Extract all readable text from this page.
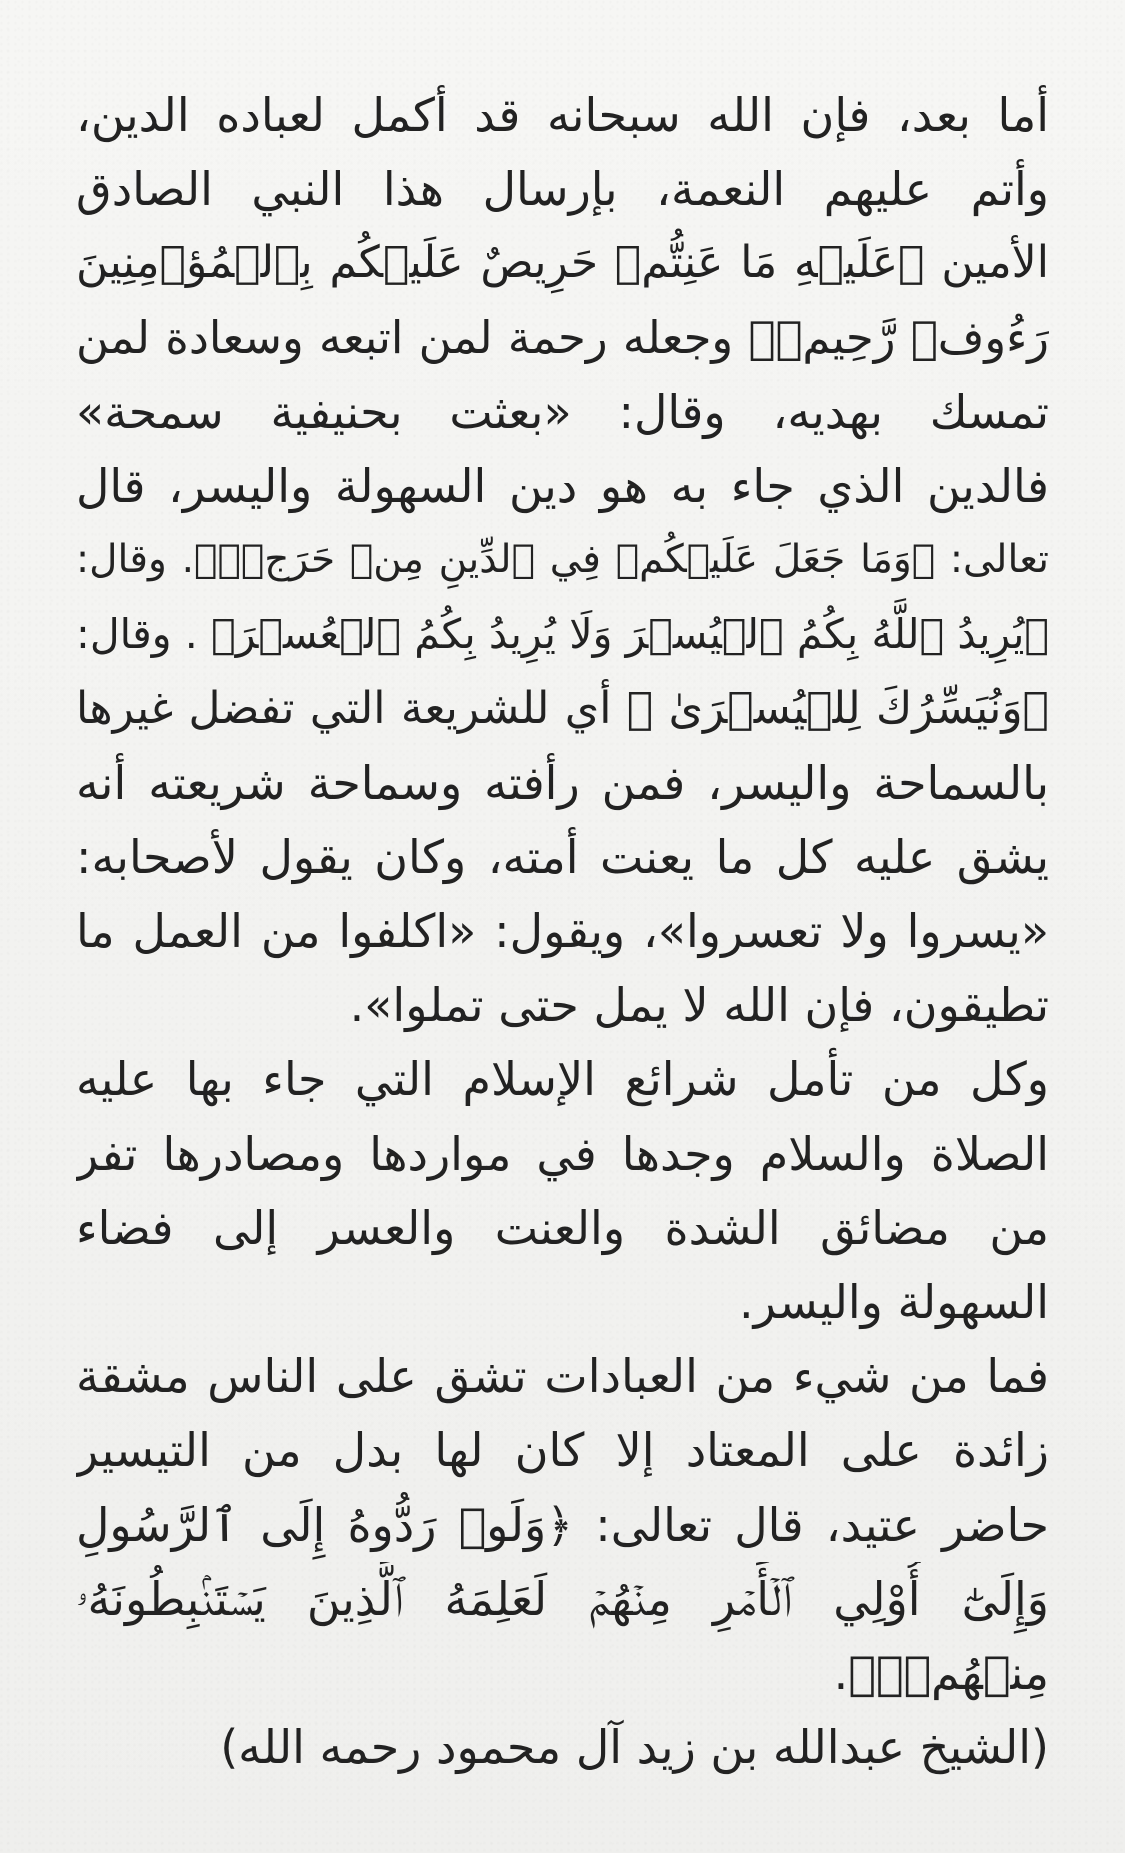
أما بعد، فإن الله سبحانه قد أكمل لعباده الدين،
وأتم عليهم النعمة، بإرسال هذا النبي الصادق
الأمين ﴿عَلَيۡهِ مَا عَنِتُّمۡ حَرِيصٌ عَلَيۡكُم بِٱلۡمُؤۡمِنِينَ
رَءُوفٞ رَّحِيمٞ﴾ وجعله رحمة لمن اتبعه وسعادة لمن
تمسك بهديه، وقال: «بعثت بحنيفية سمحة»
فالدين الذي جاء به هو دين السهولة واليسر، قال
تعالى: ﴿وَمَا جَعَلَ عَلَيۡكُمۡ فِي ٱلدِّينِ مِنۡ حَرَجٖۚ﴾. وقال:
﴿يُرِيدُ ٱللَّهُ بِكُمُ ٱلۡيُسۡرَ وَلَا يُرِيدُ بِكُمُ ٱلۡعُسۡرَ﴾ . وقال:
﴿وَنُيَسِّرُكَ لِلۡيُسۡرَىٰ ﴾ أي للشريعة التي تفضل غيرها
بالسماحة واليسر، فمن رأفته وسماحة شريعته أنه
يشق عليه كل ما يعنت أمته، وكان يقول لأصحابه:
«يسروا ولا تعسروا»، ويقول: «اكلفوا من العمل ما
تطيقون، فإن الله لا يمل حتى تملوا».
وكل من تأمل شرائع الإسلام التي جاء بها عليه
الصلاة والسلام وجدها في مواردها ومصادرها تفر
من مضائق الشدة والعنت والعسر إلى فضاء
السهولة واليسر.
فما من شيء من العبادات تشق على الناس مشقة
زائدة على المعتاد إلا كان لها بدل من التيسير
حاضر عتيد، قال تعالى: ﴿وَلَوۡ رَدُّوهُ إِلَى ٱلرَّسُولِ
وَإِلَىٰٓ أُوْلِي ٱلۡأَمۡرِ مِنۡهُمۡ لَعَلِمَهُ ٱلَّذِينَ يَسۡتَنۢبِطُونَهُۥ
مِنۡهُمۡۗ﴾.
(الشيخ عبدالله بن زيد آل محمود رحمه الله)
